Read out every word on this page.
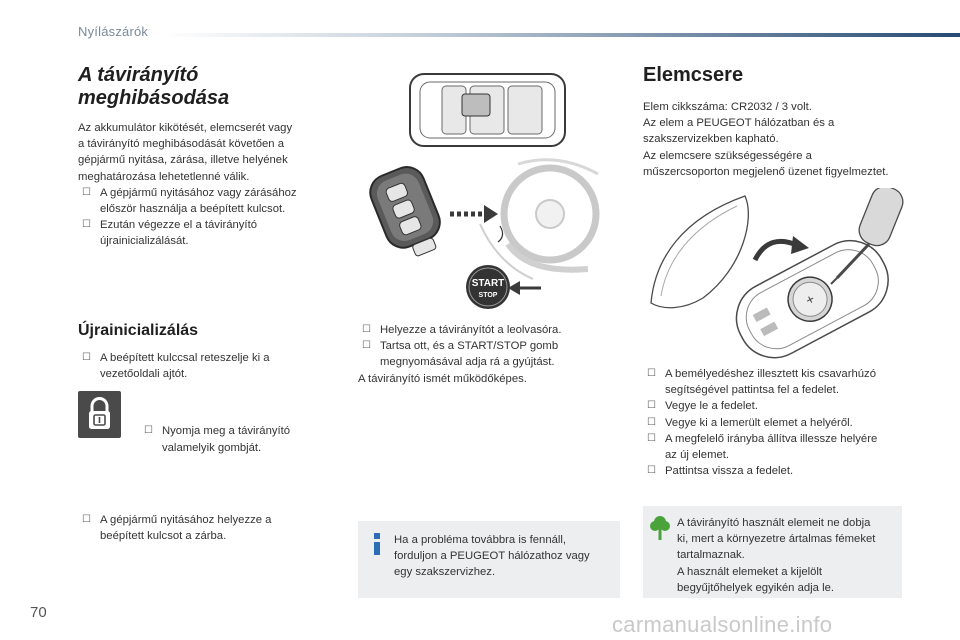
Nyílászárók
A távirányító meghibásodása
Az akkumulátor kikötését, elemcserét vagy
a távirányító meghibásodását követően a
gépjármű nyitása, zárása, illetve helyének
meghatározása lehetetlenné válik.
☐ A gépjármű nyitásához vagy zárásához
először használja a beépített kulcsot.
☐ Ezután végezze el a távirányító
újrainicializálását.
Újrainicializálás
☐ A beépített kulccsal reteszelje ki a
vezetőoldali ajtót.
☐ Nyomja meg a távirányító
valamelyik gombját.
☐ A gépjármű nyitásához helyezze a
beépített kulcsot a zárba.
START
STOP
☐ Helyezze a távirányítót a leolvasóra.
☐ Tartsa ott, és a START/STOP gomb
megnyomásával adja rá a gyújtást.
A távirányító ismét működőképes.
Ha a probléma továbbra is fennáll,
forduljon a PEUGEOT hálózathoz vagy
egy szakszervizhez.
Elemcsere
Elem cikkszáma: CR2032 / 3 volt.
Az elem a PEUGEOT hálózatban és a
szakszervizekben kapható.
Az elemcsere szükségességére a
műszercsoporton megjelenő üzenet figyelmeztet.
+
☐ A bemélyedéshez illesztett kis csavarhúzó
segítségével pattintsa fel a fedelet.
☐ Vegye le a fedelet.
☐ Vegye ki a lemerült elemet a helyéről.
☐ A megfelelő irányba állítva illessze helyére
az új elemet.
☐ Pattintsa vissza a fedelet.
A távirányító használt elemeit ne dobja
ki, mert a környezetre ártalmas fémeket
tartalmaznak.
A használt elemeket a kijelölt
begyűjtőhelyek egyikén adja le.
70	carmanualsonline.info
